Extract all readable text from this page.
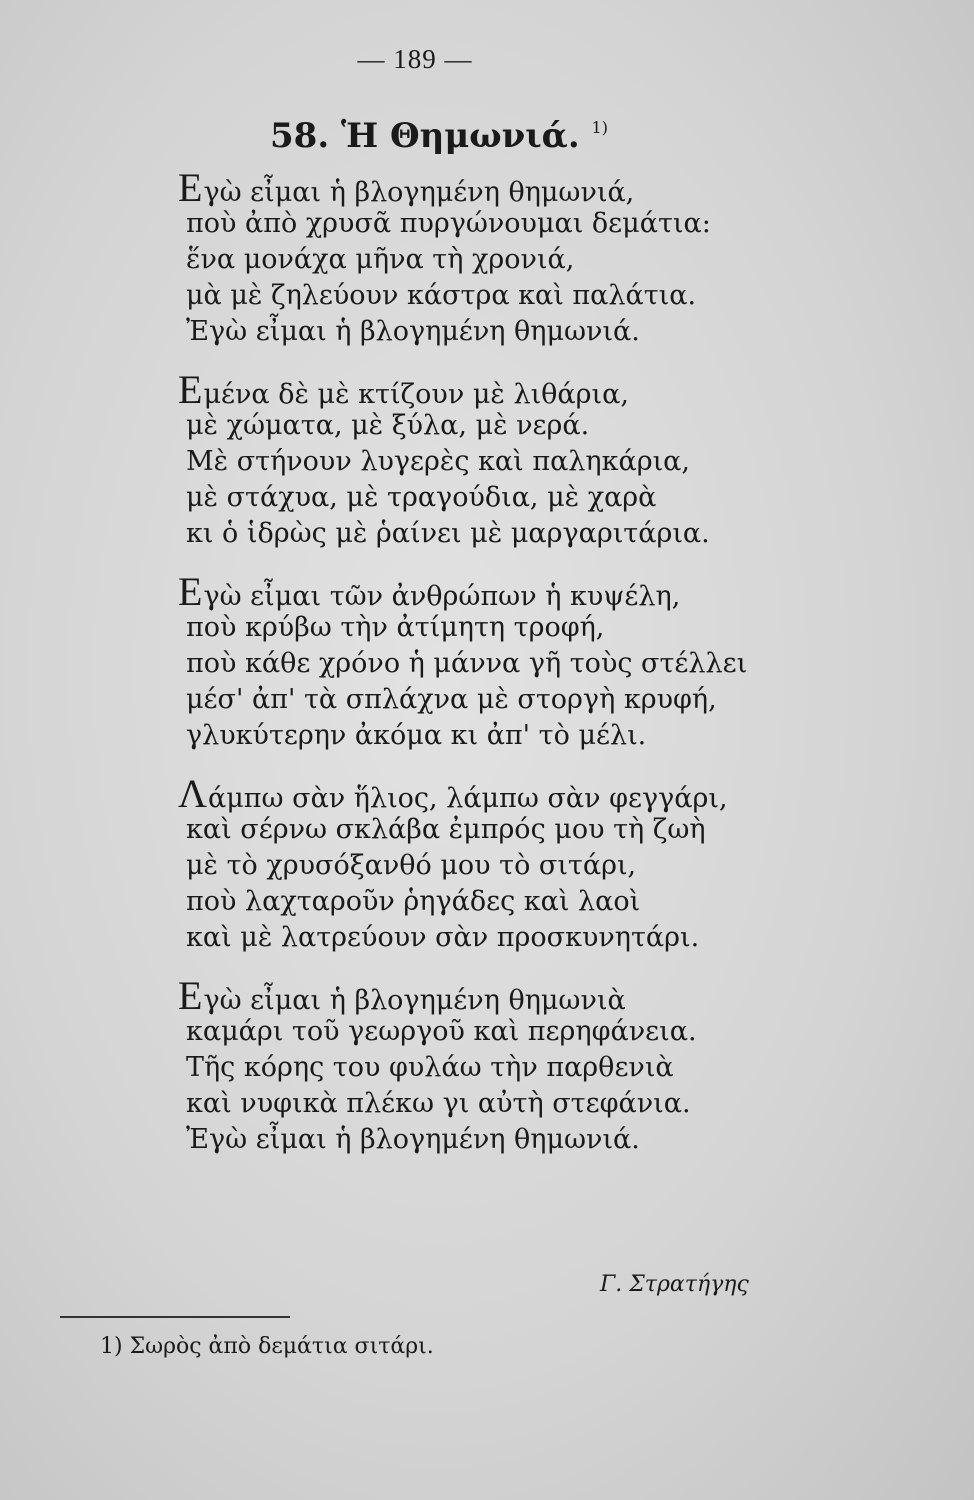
— 189 —
58. Ἡ Θημωνιά. $^{1)}$
Εγὼ εἶμαι ἡ βλογημένη θημωνιά,
ποὺ ἀπὸ χρυσᾶ πυργώνουμαι δεμάτια:
ἕνα μονάχα μῆνα τὴ χρονιά,
μὰ μὲ ζηλεύουν κάστρα καὶ παλάτια.
Ἐγὼ εἶμαι ἡ βλογημένη θημωνιά.
Εμένα δὲ μὲ κτίζουν μὲ λιθάρια,
μὲ χώματα, μὲ ξύλα, μὲ νερά.
Μὲ στήνουν λυγερὲς καὶ παληκάρια,
μὲ στάχυα, μὲ τραγούδια, μὲ χαρὰ
κι ὁ ἱδρὼς μὲ ῥαίνει μὲ μαργαριτάρια.
Εγὼ εἶμαι τῶν ἀνθρώπων ἡ κυψέλη,
ποὺ κρύβω τὴν ἀτίμητη τροφή,
ποὺ κάθε χρόνο ἡ μάννα γῆ τοὺς στέλλει
μέσ' ἀπ' τὰ σπλάχνα μὲ στοργὴ κρυφή,
γλυκύτερην ἀκόμα κι ἀπ' τὸ μέλι.
Λάμπω σὰν ἥλιος, λάμπω σὰν φεγγάρι,
καὶ σέρνω σκλάβα ἐμπρός μου τὴ ζωὴ
μὲ τὸ χρυσόξανθό μου τὸ σιτάρι,
ποὺ λαχταροῦν ῥηγάδες καὶ λαοὶ
καὶ μὲ λατρεύουν σὰν προσκυνητάρι.
Εγὼ εἶμαι ἡ βλογημένη θημωνιὰ
καμάρι τοῦ γεωργοῦ καὶ περηφάνεια.
Τῆς κόρης του φυλάω τὴν παρθενιὰ
καὶ νυφικὰ πλέκω γι αὐτὴ στεφάνια.
Ἐγὼ εἶμαι ἡ βλογημένη θημωνιά.
Γ. Στρατήγης
1) Σωρὸς ἀπὸ δεμάτια σιτάρι.
